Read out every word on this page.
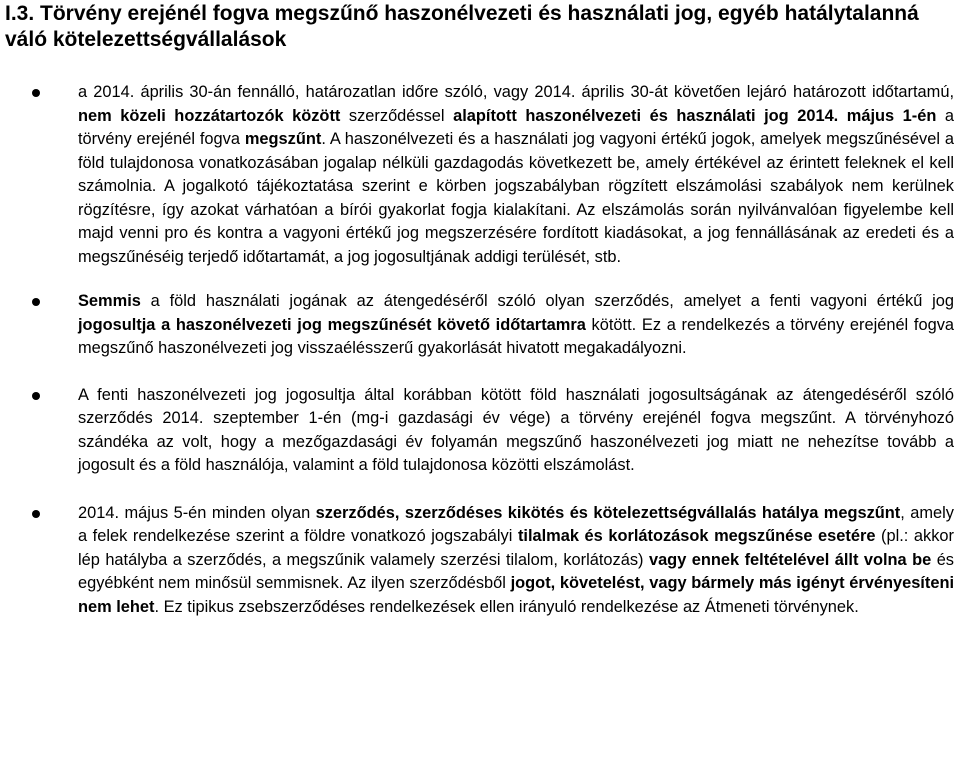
I.3. Törvény erejénél fogva megszűnő haszonélvezeti és használati jog, egyéb hatálytalanná váló kötelezettségvállalások
a 2014. április 30-án fennálló, határozatlan időre szóló, vagy 2014. április 30-át követően lejáró határozott időtartamú, nem közeli hozzátartozók között szerződéssel alapított haszonélvezeti és használati jog 2014. május 1-én a törvény erejénél fogva megszűnt. A haszonélvezeti és a használati jog vagyoni értékű jogok, amelyek megszűnésével a föld tulajdonosa vonatkozásában jogalap nélküli gazdagodás következett be, amely értékével az érintett feleknek el kell számolnia. A jogalkotó tájékoztatása szerint e körben jogszabályban rögzített elszámolási szabályok nem kerülnek rögzítésre, így azokat várhatóan a bírói gyakorlat fogja kialakítani. Az elszámolás során nyilvánvalóan figyelembe kell majd venni pro és kontra a vagyoni értékű jog megszerzésére fordított kiadásokat, a jog fennállásának az eredeti és a megszűnéséig terjedő időtartamát, a jog jogosultjának addigi terülését, stb.
Semmis a föld használati jogának az átengedéséről szóló olyan szerződés, amelyet a fenti vagyoni értékű jog jogosultja a haszonélvezeti jog megszűnését követő időtartamra kötött. Ez a rendelkezés a törvény erejénél fogva megszűnő haszonélvezeti jog visszaélésszerű gyakorlását hivatott megakadályozni.
A fenti haszonélvezeti jog jogosultja által korábban kötött föld használati jogosultságának az átengedéséről szóló szerződés 2014. szeptember 1-én (mg-i gazdasági év vége) a törvény erejénél fogva megszűnt. A törvényhozó szándéka az volt, hogy a mezőgazdasági év folyamán megszűnő haszonélvezeti jog miatt ne nehezítse tovább a jogosult és a föld használója, valamint a föld tulajdonosa közötti elszámolást.
2014. május 5-én minden olyan szerződés, szerződéses kikötés és kötelezettségvállalás hatálya megszűnt, amely a felek rendelkezése szerint a földre vonatkozó jogszabályi tilalmak és korlátozások megszűnése esetére (pl.: akkor lép hatályba a szerződés, a megszűnik valamely szerzési tilalom, korlátozás) vagy ennek feltételével állt volna be és egyébként nem minősül semmisnek. Az ilyen szerződésből jogot, követelést, vagy bármely más igényt érvényesíteni nem lehet. Ez tipikus zsebszerződéses rendelkezések ellen irányuló rendelkezése az Átmeneti törvénynek.
